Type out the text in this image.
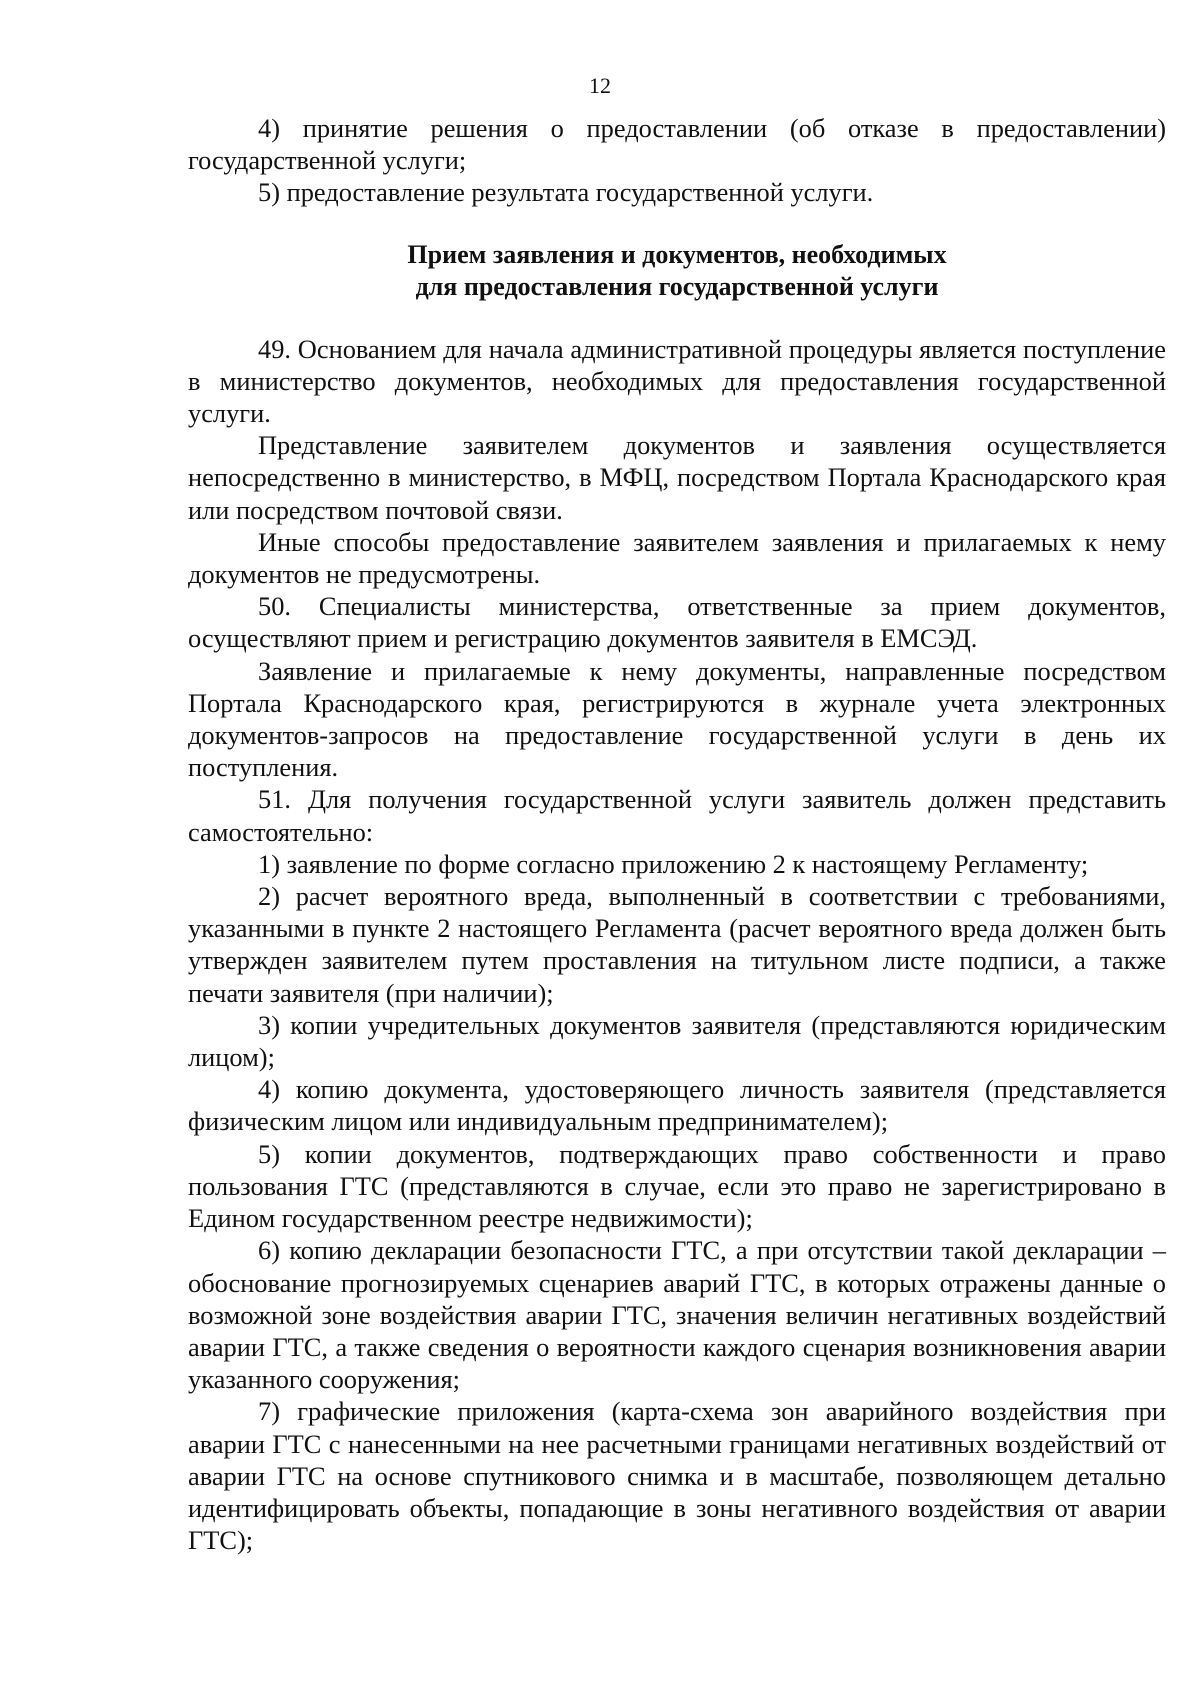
12

4) принятие решения о предоставлении (об отказе в предоставлении) государственной услуги;

5) предоставление результата государственной услуги.

Прием заявления и документов, необходимых
для предоставления государственной услуги

49. Основанием для начала административной процедуры является поступление в министерство документов, необходимых для предоставления государственной услуги.

Представление заявителем документов и заявления осуществляется непосредственно в министерство, в МФЦ, посредством Портала Краснодарского края или посредством почтовой связи.

Иные способы предоставление заявителем заявления и прилагаемых к нему документов не предусмотрены.

50. Специалисты министерства, ответственные за прием документов, осуществляют прием и регистрацию документов заявителя в ЕМСЭД.

Заявление и прилагаемые к нему документы, направленные посредством Портала Краснодарского края, регистрируются в журнале учета электронных документов-запросов на предоставление государственной услуги в день их поступления.

51. Для получения государственной услуги заявитель должен представить самостоятельно:

1) заявление по форме согласно приложению 2 к настоящему Регламенту;

2) расчет вероятного вреда, выполненный в соответствии с требованиями, указанными в пункте 2 настоящего Регламента (расчет вероятного вреда должен быть утвержден заявителем путем проставления на титульном листе подписи, а также печати заявителя (при наличии);

3) копии учредительных документов заявителя (представляются юридическим лицом);

4) копию документа, удостоверяющего личность заявителя (представляется физическим лицом или индивидуальным предпринимателем);

5) копии документов, подтверждающих право собственности и право пользования ГТС (представляются в случае, если это право не зарегистрировано в Едином государственном реестре недвижимости);

6) копию декларации безопасности ГТС, а при отсутствии такой декларации – обоснование прогнозируемых сценариев аварий ГТС, в которых отражены данные о возможной зоне воздействия аварии ГТС, значения величин негативных воздействий аварии ГТС, а также сведения о вероятности каждого сценария возникновения аварии указанного сооружения;

7) графические приложения (карта-схема зон аварийного воздействия при аварии ГТС с нанесенными на нее расчетными границами негативных воздействий от аварии ГТС на основе спутникового снимка и в масштабе, позволяющем детально идентифицировать объекты, попадающие в зоны негативного воздействия от аварии ГТС);
